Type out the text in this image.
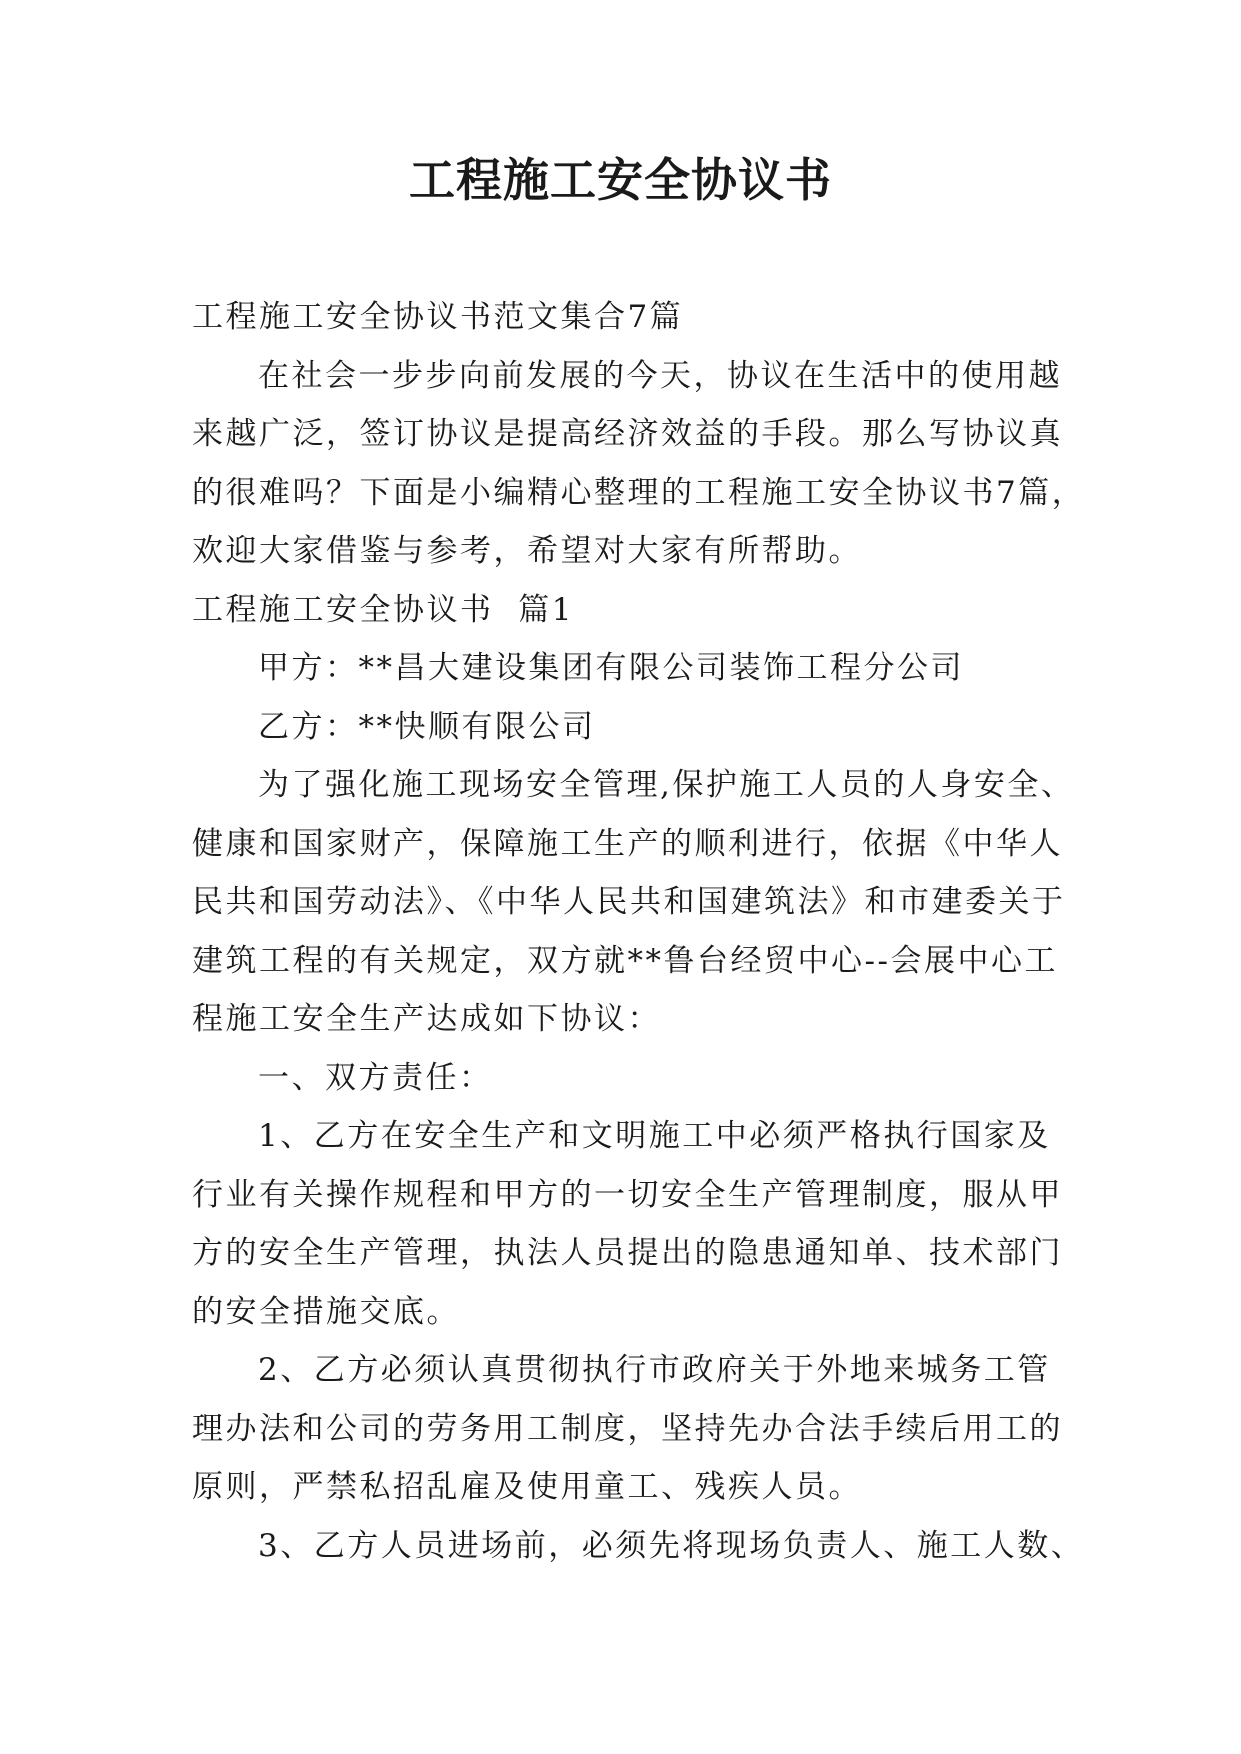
工程施工安全协议书

工程施工安全协议书范文集合7篇

在社会一步步向前发展的今天，协议在生活中的使用越

来越广泛，签订协议是提高经济效益的手段。那么写协议真

的很难吗？下面是小编精心整理的工程施工安全协议书7篇，

欢迎大家借鉴与参考，希望对大家有所帮助。

工程施工安全协议书  篇1

甲方：**昌大建设集团有限公司装饰工程分公司

乙方：**快顺有限公司

为了强化施工现场安全管理,保护施工人员的人身安全、

健康和国家财产，保障施工生产的顺利进行，依据《中华人

民共和国劳动法》、《中华人民共和国建筑法》和市建委关于

建筑工程的有关规定，双方就**鲁台经贸中心--会展中心工

程施工安全生产达成如下协议：

一、双方责任：

1、乙方在安全生产和文明施工中必须严格执行国家及

行业有关操作规程和甲方的一切安全生产管理制度，服从甲

方的安全生产管理，执法人员提出的隐患通知单、技术部门

的安全措施交底。

2、乙方必须认真贯彻执行市政府关于外地来城务工管

理办法和公司的劳务用工制度，坚持先办合法手续后用工的

原则，严禁私招乱雇及使用童工、残疾人员。

3、乙方人员进场前，必须先将现场负责人、施工人数、
